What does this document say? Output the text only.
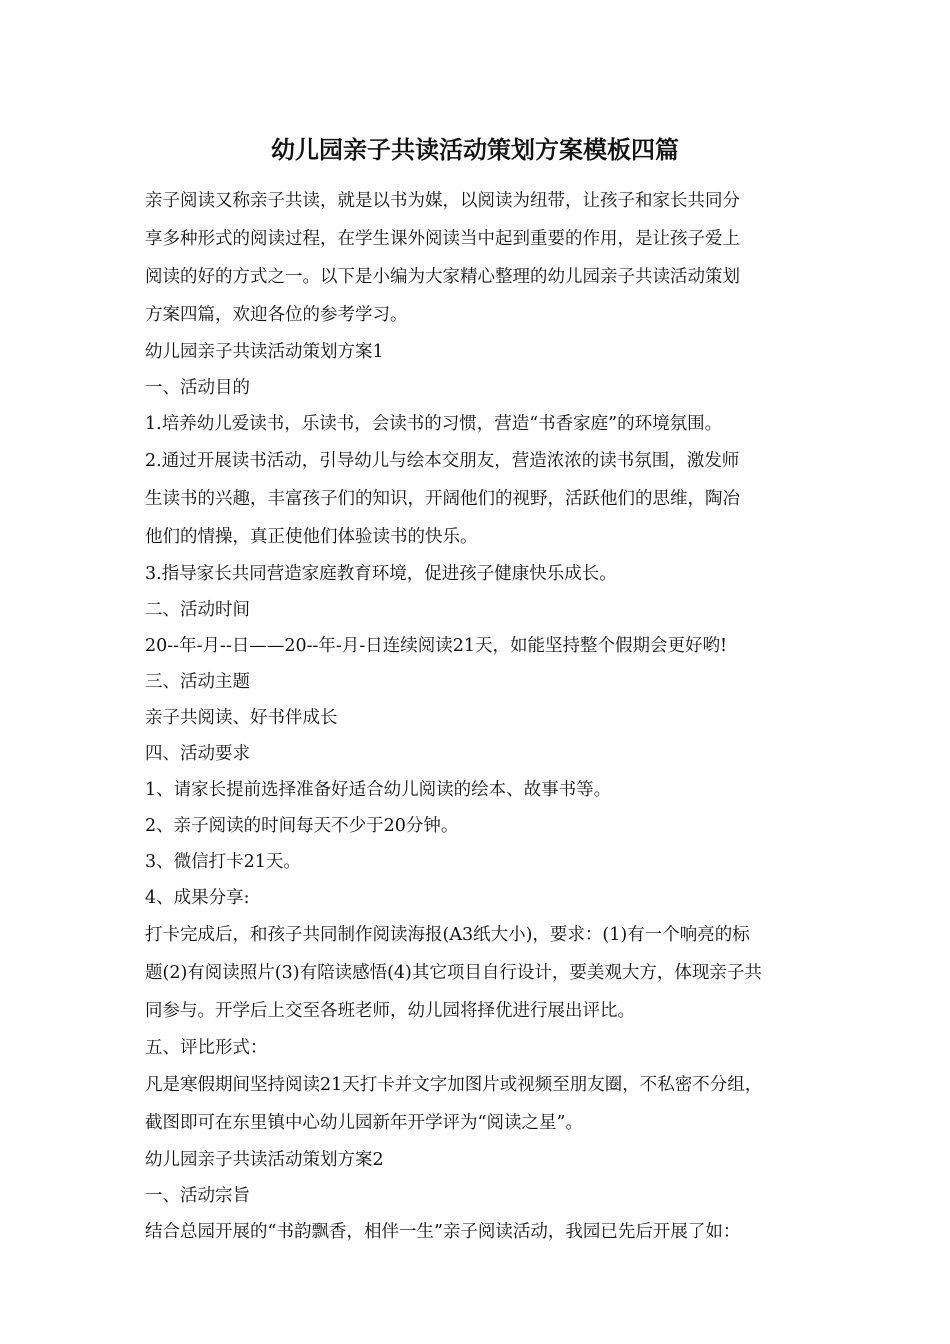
幼儿园亲子共读活动策划方案模板四篇

亲子阅读又称亲子共读，就是以书为媒，以阅读为纽带，让孩子和家长共同分

享多种形式的阅读过程，在学生课外阅读当中起到重要的作用，是让孩子爱上

阅读的好的方式之一。以下是小编为大家精心整理的幼儿园亲子共读活动策划

方案四篇，欢迎各位的参考学习。

幼儿园亲子共读活动策划方案1

一、活动目的

1.培养幼儿爱读书，乐读书，会读书的习惯，营造“书香家庭”的环境氛围。

2.通过开展读书活动，引导幼儿与绘本交朋友，营造浓浓的读书氛围，激发师

生读书的兴趣，丰富孩子们的知识，开阔他们的视野，活跃他们的思维，陶冶

他们的情操，真正使他们体验读书的快乐。

3.指导家长共同营造家庭教育环境，促进孩子健康快乐成长。

二、活动时间

20--年-月--日——20--年-月-日连续阅读21天，如能坚持整个假期会更好哟!

三、活动主题

亲子共阅读、好书伴成长

四、活动要求

1、请家长提前选择准备好适合幼儿阅读的绘本、故事书等。

2、亲子阅读的时间每天不少于20分钟。

3、微信打卡21天。

4、成果分享:

打卡完成后，和孩子共同制作阅读海报(A3纸大小)，要求：(1)有一个响亮的标

题(2)有阅读照片(3)有陪读感悟(4)其它项目自行设计，要美观大方，体现亲子共

同参与。开学后上交至各班老师，幼儿园将择优进行展出评比。

五、评比形式：

凡是寒假期间坚持阅读21天打卡并文字加图片或视频至朋友圈，不私密不分组，

截图即可在东里镇中心幼儿园新年开学评为“阅读之星”。

幼儿园亲子共读活动策划方案2

一、活动宗旨

结合总园开展的“书韵飘香，相伴一生”亲子阅读活动，我园已先后开展了如：
